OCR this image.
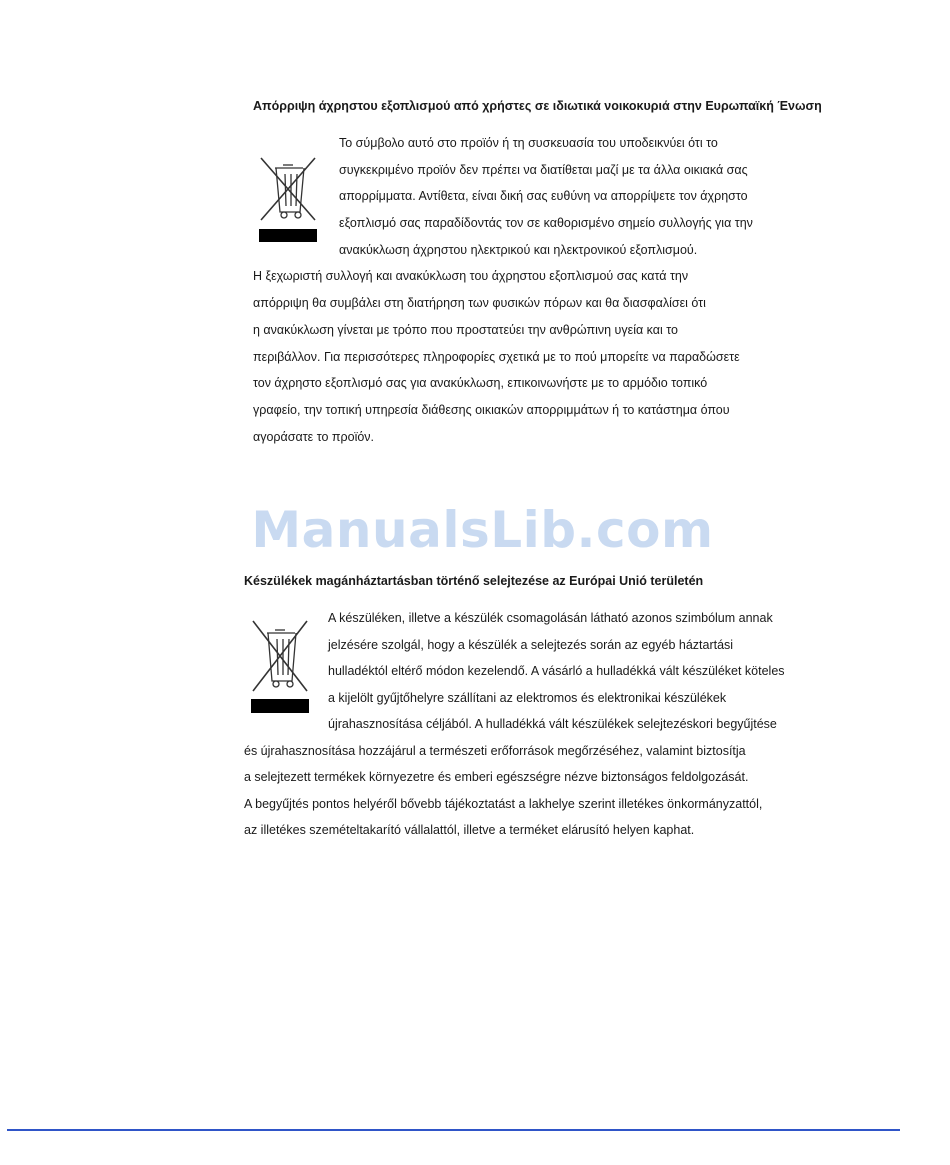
Απόρριψη άχρηστου εξοπλισμού από χρήστες σε ιδιωτικά νοικοκυριά στην Ευρωπαϊκή Ένωση
Το σύμβολο αυτό στο προϊόν ή τη συσκευασία του υποδεικνύει ότι το
συγκεκριμένο προϊόν δεν πρέπει να διατίθεται μαζί με τα άλλα οικιακά σας
απορρίμματα. Αντίθετα, είναι δική σας ευθύνη να απορρίψετε τον άχρηστο
εξοπλισμό σας παραδίδοντάς τον σε καθορισμένο σημείο συλλογής για την
ανακύκλωση άχρηστου ηλεκτρικού και ηλεκτρονικού εξοπλισμού.
Η ξεχωριστή συλλογή και ανακύκλωση του άχρηστου εξοπλισμού σας κατά την
απόρριψη θα συμβάλει στη διατήρηση των φυσικών πόρων και θα διασφαλίσει ότι
η ανακύκλωση γίνεται με τρόπο που προστατεύει την ανθρώπινη υγεία και το
περιβάλλον. Για περισσότερες πληροφορίες σχετικά με το πού μπορείτε να παραδώσετε
τον άχρηστο εξοπλισμό σας για ανακύκλωση, επικοινωνήστε με το αρμόδιο τοπικό
γραφείο, την τοπική υπηρεσία διάθεσης οικιακών απορριμμάτων ή το κατάστημα όπου
αγοράσατε το προϊόν.
ManualsLib.com
Készülékek magánháztartásban történő selejtezése az Európai Unió területén
A készüléken, illetve a készülék csomagolásán látható azonos szimbólum annak
jelzésére szolgál, hogy a készülék a selejtezés során az egyéb háztartási
hulladéktól eltérő módon kezelendő. A vásárló a hulladékká vált készüléket köteles
a kijelölt gyűjtőhelyre szállítani az elektromos és elektronikai készülékek
újrahasznosítása céljából. A hulladékká vált készülékek selejtezéskori begyűjtése
és újrahasznosítása hozzájárul a természeti erőforrások megőrzéséhez, valamint biztosítja
a selejtezett termékek környezetre és emberi egészségre nézve biztonságos feldolgozását.
A begyűjtés pontos helyéről bővebb tájékoztatást a lakhelye szerint illetékes önkormányzattól,
az illetékes szemételtakarító vállalattól, illetve a terméket elárusító helyen kaphat.
